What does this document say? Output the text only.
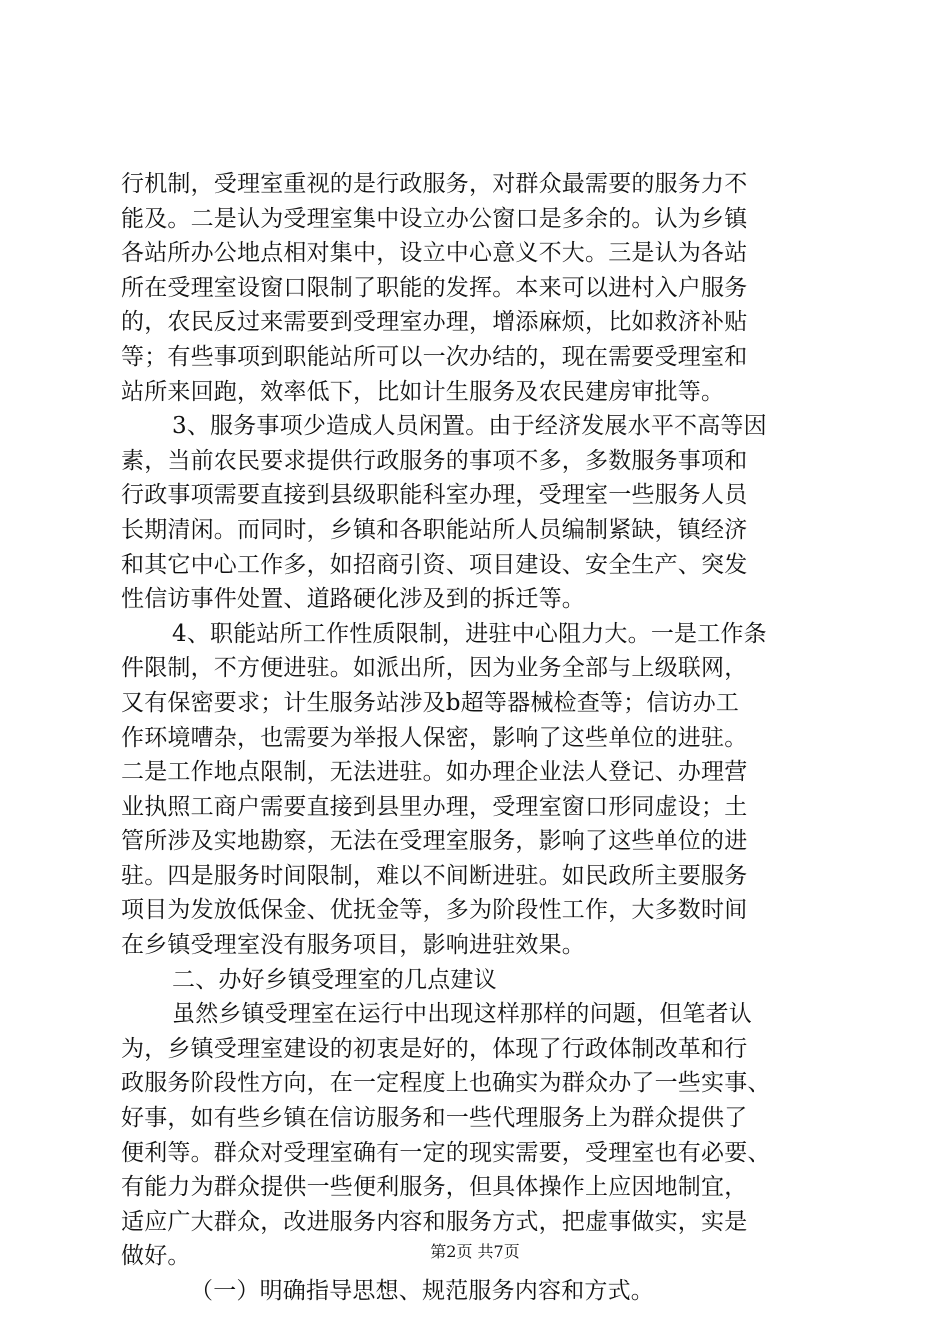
行机制，受理室重视的是行政服务，对群众最需要的服务力不
能及。二是认为受理室集中设立办公窗口是多余的。认为乡镇
各站所办公地点相对集中，设立中心意义不大。三是认为各站
所在受理室设窗口限制了职能的发挥。本来可以进村入户服务
的，农民反过来需要到受理室办理，增添麻烦，比如救济补贴
等；有些事项到职能站所可以一次办结的，现在需要受理室和
站所来回跑，效率低下，比如计生服务及农民建房审批等。
3、服务事项少造成人员闲置。由于经济发展水平不高等因
素，当前农民要求提供行政服务的事项不多，多数服务事项和
行政事项需要直接到县级职能科室办理，受理室一些服务人员
长期清闲。而同时，乡镇和各职能站所人员编制紧缺，镇经济
和其它中心工作多，如招商引资、项目建设、安全生产、突发
性信访事件处置、道路硬化涉及到的拆迁等。
4、职能站所工作性质限制，进驻中心阻力大。一是工作条
件限制，不方便进驻。如派出所，因为业务全部与上级联网，
又有保密要求；计生服务站涉及b超等器械检查等；信访办工
作环境嘈杂，也需要为举报人保密，影响了这些单位的进驻。
二是工作地点限制，无法进驻。如办理企业法人登记、办理营
业执照工商户需要直接到县里办理，受理室窗口形同虚设；土
管所涉及实地勘察，无法在受理室服务，影响了这些单位的进
驻。四是服务时间限制，难以不间断进驻。如民政所主要服务
项目为发放低保金、优抚金等，多为阶段性工作，大多数时间
在乡镇受理室没有服务项目，影响进驻效果。
二、办好乡镇受理室的几点建议
虽然乡镇受理室在运行中出现这样那样的问题，但笔者认
为，乡镇受理室建设的初衷是好的，体现了行政体制改革和行
政服务阶段性方向，在一定程度上也确实为群众办了一些实事、
好事，如有些乡镇在信访服务和一些代理服务上为群众提供了
便利等。群众对受理室确有一定的现实需要，受理室也有必要、
有能力为群众提供一些便利服务，但具体操作上应因地制宜，
适应广大群众，改进服务内容和服务方式，把虚事做实，实是
做好。
（一）明确指导思想、规范服务内容和方式。
第2页 共7页
